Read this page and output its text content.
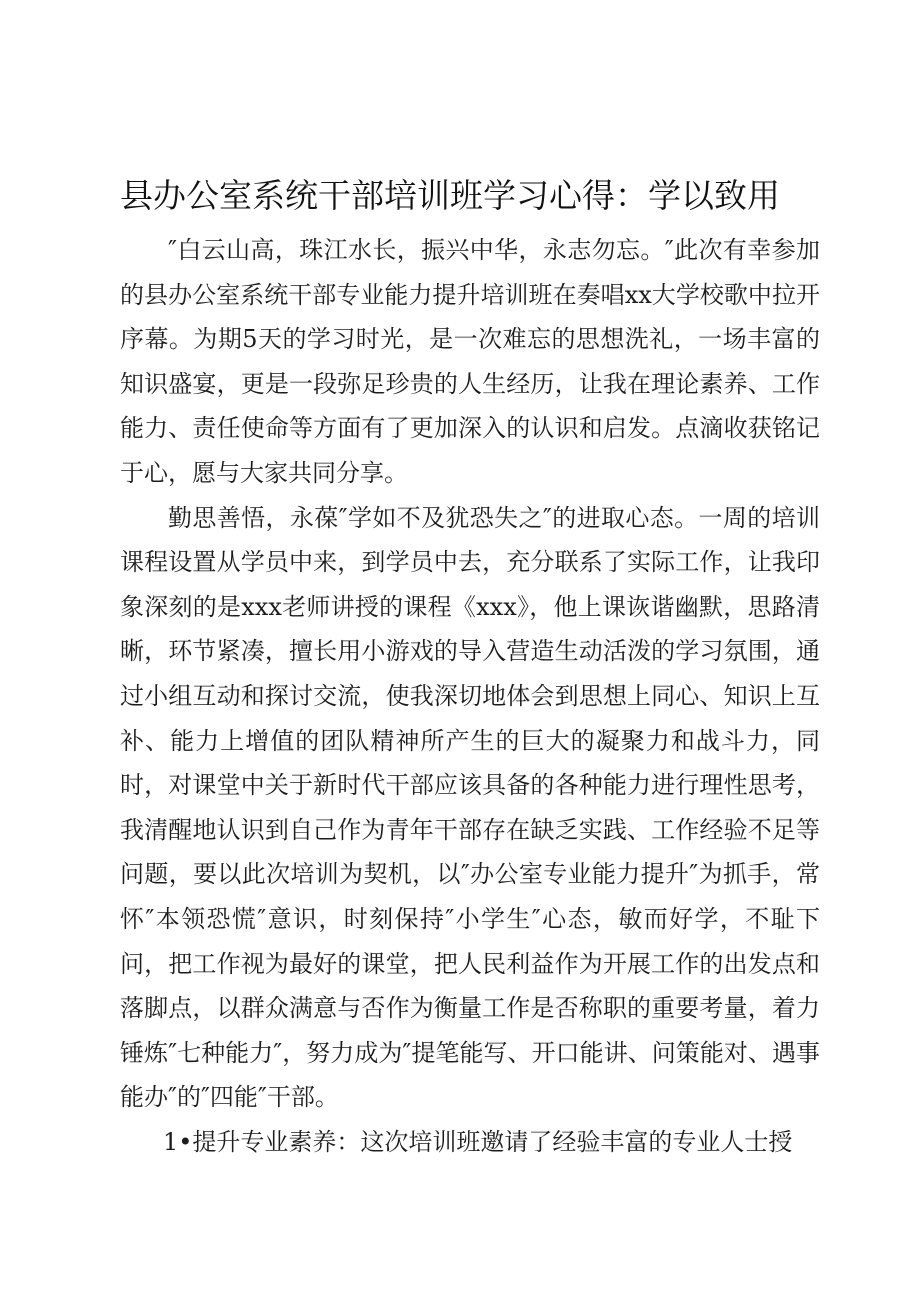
县办公室系统干部培训班学习心得：学以致用

″白云山高，珠江水长，振兴中华，永志勿忘。″此次有幸参加的县办公室系统干部专业能力提升培训班在奏唱xx大学校歌中拉开序幕。为期5天的学习时光，是一次难忘的思想洗礼，一场丰富的知识盛宴，更是一段弥足珍贵的人生经历，让我在理论素养、工作能力、责任使命等方面有了更加深入的认识和启发。点滴收获铭记于心，愿与大家共同分享。

勤思善悟，永葆″学如不及犹恐失之″的进取心态。一周的培训课程设置从学员中来，到学员中去，充分联系了实际工作，让我印象深刻的是xxx老师讲授的课程《xxx》，他上课诙谐幽默，思路清晰，环节紧凑，擅长用小游戏的导入营造生动活泼的学习氛围，通过小组互动和探讨交流，使我深切地体会到思想上同心、知识上互补、能力上增值的团队精神所产生的巨大的凝聚力和战斗力，同时，对课堂中关于新时代干部应该具备的各种能力进行理性思考，我清醒地认识到自己作为青年干部存在缺乏实践、工作经验不足等问题，要以此次培训为契机，以″办公室专业能力提升″为抓手，常怀″本领恐慌″意识，时刻保持″小学生″心态，敏而好学，不耻下问，把工作视为最好的课堂，把人民利益作为开展工作的出发点和落脚点，以群众满意与否作为衡量工作是否称职的重要考量，着力锤炼″七种能力″，努力成为″提笔能写、开口能讲、问策能对、遇事能办″的″四能″干部。

1•提升专业素养：这次培训班邀请了经验丰富的专业人士授
